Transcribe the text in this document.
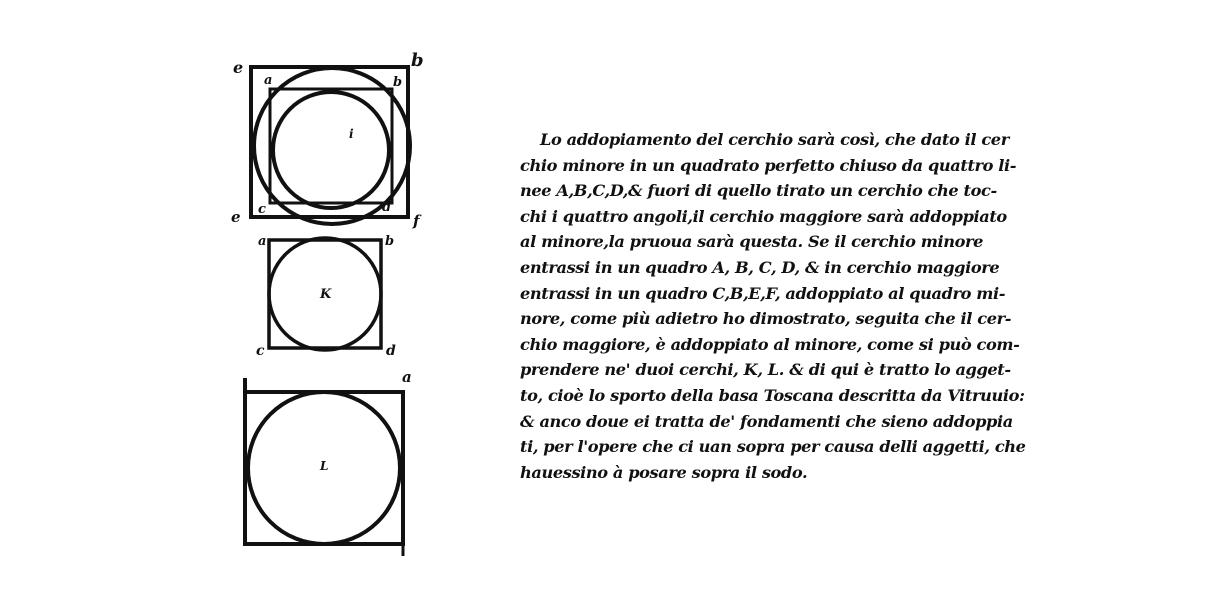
e	b
a	b
c	d
e	f
i
a	b
c	d
K
a
L
Lo addopiamento del cerchio sarà così, che dato il cer
chio minore in un quadrato perfetto chiuso da quattro li-
nee A,B,C,D,& fuori di quello tirato un cerchio che toc-
chi i quattro angoli,il cerchio maggiore sarà addoppiato
al minore,la pruoua sarà questa. Se il cerchio minore
entrassi in un quadro A, B, C, D, & in cerchio maggiore
entrassi in un quadro C,B,E,F, addoppiato al quadro mi-
nore, come più adietro ho dimostrato, seguita che il cer-
chio maggiore, è addoppiato al minore, come si può com-
prendere ne' duoi cerchi, K, L. & di qui è tratto lo agget-
to, cioè lo sporto della basa Toscana descritta da Vitruuio:
& anco doue ei tratta de' fondamenti che sieno addoppia
ti, per l'opere che ci uan sopra per causa delli aggetti, che
hauessino à posare sopra il sodo.
